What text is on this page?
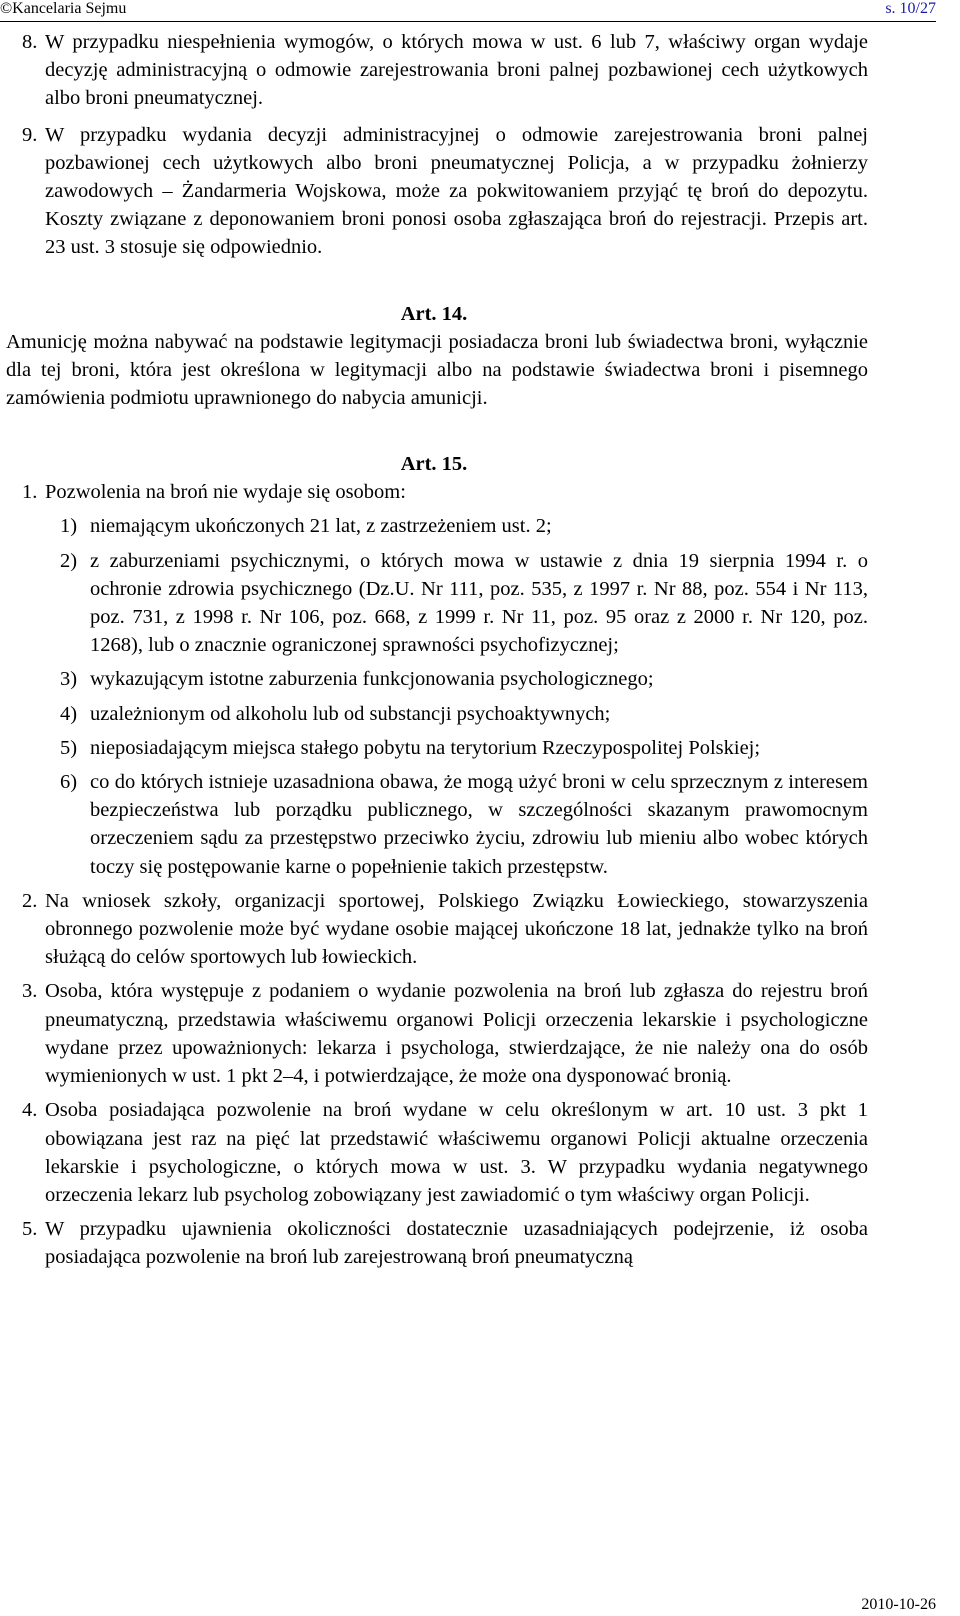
©Kancelaria Sejmu	s. 10/27
8. W przypadku niespełnienia wymogów, o których mowa w ust. 6 lub 7, właściwy organ wydaje decyzję administracyjną o odmowie zarejestrowania broni palnej pozbawionej cech użytkowych albo broni pneumatycznej.
9. W przypadku wydania decyzji administracyjnej o odmowie zarejestrowania broni palnej pozbawionej cech użytkowych albo broni pneumatycznej Policja, a w przypadku żołnierzy zawodowych – Żandarmeria Wojskowa, może za pokwitowaniem przyjąć tę broń do depozytu. Koszty związane z deponowaniem broni ponosi osoba zgłaszająca broń do rejestracji. Przepis art. 23 ust. 3 stosuje się odpowiednio.
Art. 14.
Amunicję można nabywać na podstawie legitymacji posiadacza broni lub świadectwa broni, wyłącznie dla tej broni, która jest określona w legitymacji albo na podstawie świadectwa broni i pisemnego zamówienia podmiotu uprawnionego do nabycia amunicji.
Art. 15.
1. Pozwolenia na broń nie wydaje się osobom:
1) niemającym ukończonych 21 lat, z zastrzeżeniem ust. 2;
2) z zaburzeniami psychicznymi, o których mowa w ustawie z dnia 19 sierpnia 1994 r. o ochronie zdrowia psychicznego (Dz.U. Nr 111, poz. 535, z 1997 r. Nr 88, poz. 554 i Nr 113, poz. 731, z 1998 r. Nr 106, poz. 668, z 1999 r. Nr 11, poz. 95 oraz z 2000 r. Nr 120, poz. 1268), lub o znacznie ograniczonej sprawności psychofizycznej;
3) wykazującym istotne zaburzenia funkcjonowania psychologicznego;
4) uzależnionym od alkoholu lub od substancji psychoaktywnych;
5) nieposiadającym miejsca stałego pobytu na terytorium Rzeczypospolitej Polskiej;
6) co do których istnieje uzasadniona obawa, że mogą użyć broni w celu sprzecznym z interesem bezpieczeństwa lub porządku publicznego, w szczególności skazanym prawomocnym orzeczeniem sądu za przestępstwo przeciwko życiu, zdrowiu lub mieniu albo wobec których toczy się postępowanie karne o popełnienie takich przestępstw.
2. Na wniosek szkoły, organizacji sportowej, Polskiego Związku Łowieckiego, stowarzyszenia obronnego pozwolenie może być wydane osobie mającej ukończone 18 lat, jednakże tylko na broń służącą do celów sportowych lub łowieckich.
3. Osoba, która występuje z podaniem o wydanie pozwolenia na broń lub zgłasza do rejestru broń pneumatyczną, przedstawia właściwemu organowi Policji orzeczenia lekarskie i psychologiczne wydane przez upoważnionych: lekarza i psychologa, stwierdzające, że nie należy ona do osób wymienionych w ust. 1 pkt 2–4, i potwierdzające, że może ona dysponować bronią.
4. Osoba posiadająca pozwolenie na broń wydane w celu określonym w art. 10 ust. 3 pkt 1 obowiązana jest raz na pięć lat przedstawić właściwemu organowi Policji aktualne orzeczenia lekarskie i psychologiczne, o których mowa w ust. 3. W przypadku wydania negatywnego orzeczenia lekarz lub psycholog zobowiązany jest zawiadomić o tym właściwy organ Policji.
5. W przypadku ujawnienia okoliczności dostatecznie uzasadniających podejrzenie, iż osoba posiadająca pozwolenie na broń lub zarejestrowaną broń pneumatyczną
2010-10-26
